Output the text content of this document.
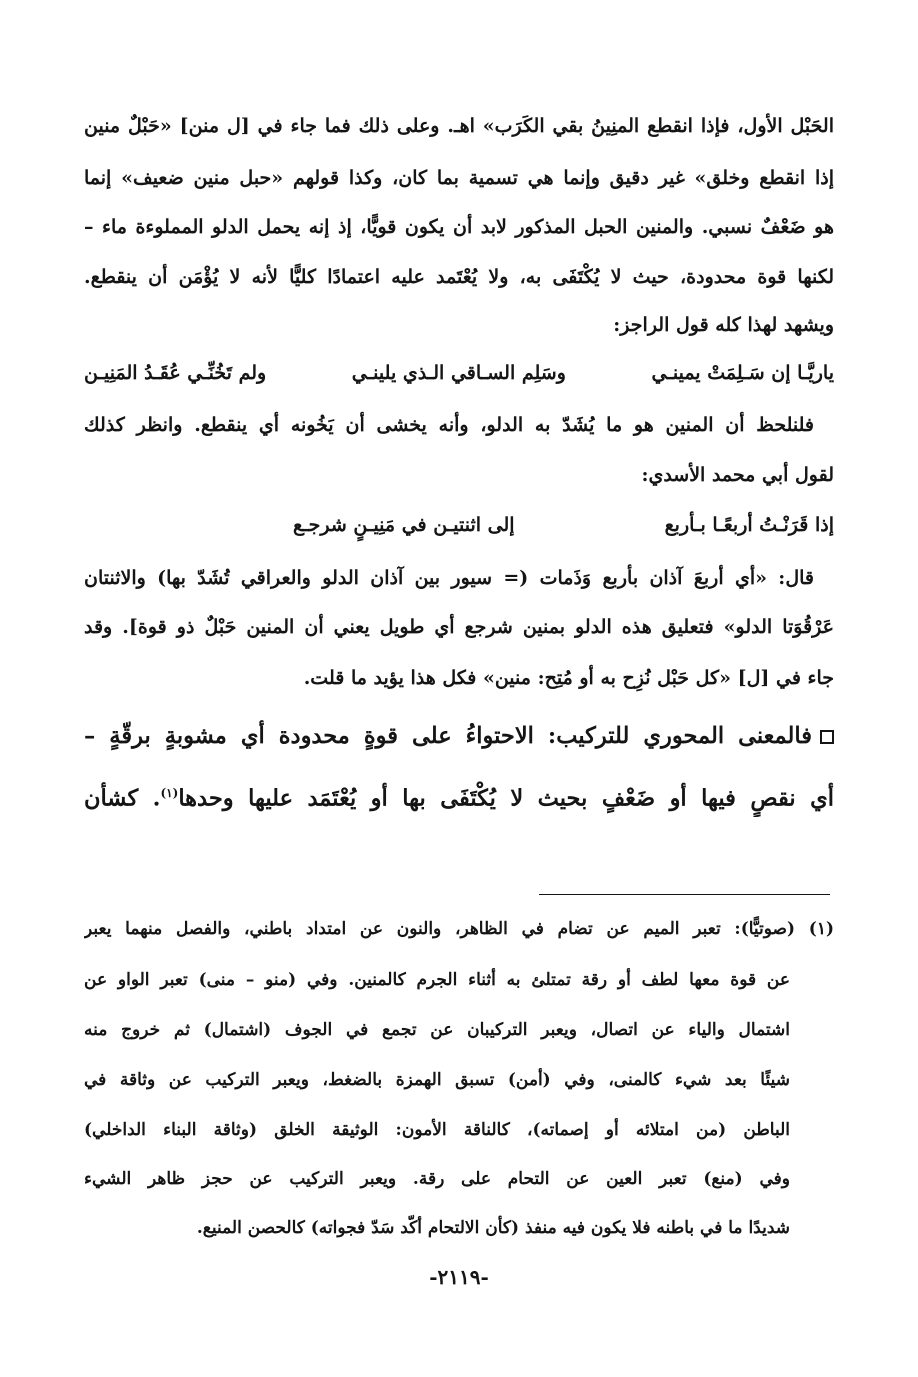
الحَبْل الأول، فإذا انقطع المنِينُ بقي الكَرَب» اهـ. وعلى ذلك فما جاء في [ل منن] «حَبْلٌ منين
إذا انقطع وخلق» غير دقيق وإنما هي تسمية بما كان، وكذا قولهم «حبل منين ضعيف» إنما
هو ضَعْفٌ نسبي. والمنين الحبل المذكور لابد أن يكون قويًّا، إذ إنه يحمل الدلو المملوءة ماء –
لكنها قوة محدودة، حيث لا يُكْتَفَى به، ولا يُعْتَمد عليه اعتمادًا كليًّا لأنه لا يُؤْمَن أن ينقطع.
ويشهد لهذا كله قول الراجز:
ياريَّـا إن سَـلِمَتْ يمينـي
وسَلِم السـاقي الـذي يلينـي
ولم تَخُنِّـي عُقَـدُ المَنِيـن
فلنلحظ أن المنين هو ما يُشَدّ به الدلو، وأنه يخشى أن يَخُونه أي ينقطع. وانظر كذلك
لقول أبي محمد الأسدي:
إذا قَرَنْـتُ أربعًـا بـأربع
إلى اثنتيـن في مَنِيـنٍ شرجـع
قال: «أي أربعَ آذان بأربع وَذَمات (= سيور بين آذان الدلو والعراقي تُشَدّ بها) والاثنتان
عَرْقُوَتا الدلو» فتعليق هذه الدلو بمنين شرجع أي طويل يعني أن المنين حَبْلٌ ذو قوة]. وقد
جاء في [ل] «كل حَبْل نُزِح به أو مُتِح: منين» فكل هذا يؤيد ما قلت.
فالمعنى المحوري للتركيب: الاحتواءُ على قوةٍ محدودة أي مشوبةٍ برقّةٍ –
أي نقصٍ فيها أو ضَعْفٍ بحيث لا يُكْتَفَى بها أو يُعْتَمَد عليها وحدها$^{(١)}$. كشأن
(١) (صوتيًّا): تعبر الميم عن تضام في الظاهر، والنون عن امتداد باطني، والفصل منهما يعبر
عن قوة معها لطف أو رقة تمتلئ به أثناء الجرم كالمنين. وفي (منو – منى) تعبر الواو عن
اشتمال والياء عن اتصال، ويعبر التركيبان عن تجمع في الجوف (اشتمال) ثم خروج منه
شيئًا بعد شيء كالمنى، وفي (أمن) تسبق الهمزة بالضغط، ويعبر التركيب عن وثاقة في
الباطن (من امتلائه أو إصماته)، كالناقة الأمون: الوثيقة الخلق (وثاقة البناء الداخلي)
وفي (منع) تعبر العين عن التحام على رقة. ويعبر التركيب عن حجز ظاهر الشيء
شديدًا ما في باطنه فلا يكون فيه منفذ (كأن الالتحام أكّد سَدّ فجواته) كالحصن المنيع.
-٢١١٩-
